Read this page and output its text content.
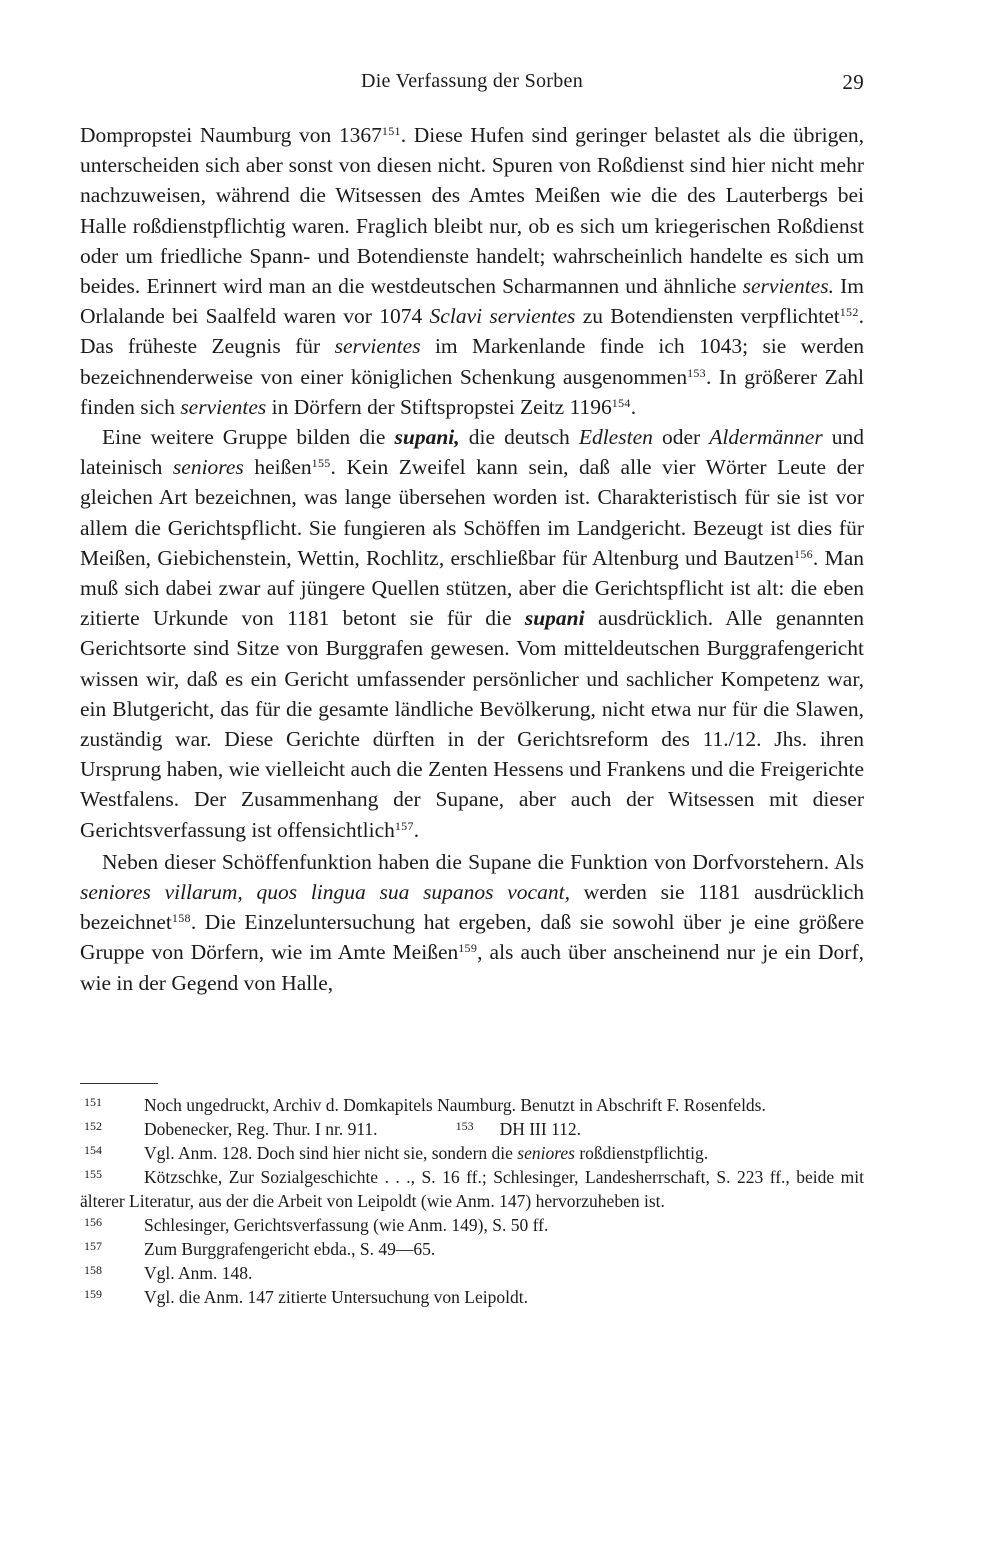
Die Verfassung der Sorben	29

Dompropstei Naumburg von 1367$^{151}$. Diese Hufen sind geringer belastet als die übrigen, unterscheiden sich aber sonst von diesen nicht. Spuren von Roßdienst sind hier nicht mehr nachzuweisen, während die Witsessen des Amtes Meißen wie die des Lauterbergs bei Halle roßdienstpflichtig waren. Fraglich bleibt nur, ob es sich um kriegerischen Roßdienst oder um friedliche Spann- und Botendienste handelt; wahrscheinlich handelte es sich um beides. Erinnert wird man an die westdeutschen Scharmannen und ähnliche servientes. Im Orlalande bei Saalfeld waren vor 1074 Sclavi servientes zu Botendiensten verpflichtet$^{152}$. Das früheste Zeugnis für servientes im Markenlande finde ich 1043; sie werden bezeichnenderweise von einer königlichen Schenkung ausgenommen$^{153}$. In größerer Zahl finden sich servientes in Dörfern der Stiftspropstei Zeitz 1196$^{154}$.

Eine weitere Gruppe bilden die supani, die deutsch Edlesten oder Aldermänner und lateinisch seniores heißen$^{155}$. Kein Zweifel kann sein, daß alle vier Wörter Leute der gleichen Art bezeichnen, was lange übersehen worden ist. Charakteristisch für sie ist vor allem die Gerichtspflicht. Sie fungieren als Schöffen im Landgericht. Bezeugt ist dies für Meißen, Giebichenstein, Wettin, Rochlitz, erschließbar für Altenburg und Bautzen$^{156}$. Man muß sich dabei zwar auf jüngere Quellen stützen, aber die Gerichtspflicht ist alt: die eben zitierte Urkunde von 1181 betont sie für die supani ausdrücklich. Alle genannten Gerichtsorte sind Sitze von Burggrafen gewesen. Vom mitteldeutschen Burggrafengericht wissen wir, daß es ein Gericht umfassender persönlicher und sachlicher Kompetenz war, ein Blutgericht, das für die gesamte ländliche Bevölkerung, nicht etwa nur für die Slawen, zuständig war. Diese Gerichte dürften in der Gerichtsreform des 11./12. Jhs. ihren Ursprung haben, wie vielleicht auch die Zenten Hessens und Frankens und die Freigerichte Westfalens. Der Zusammenhang der Supane, aber auch der Witsessen mit dieser Gerichtsverfassung ist offensichtlich$^{157}$.

Neben dieser Schöffenfunktion haben die Supane die Funktion von Dorfvorstehern. Als seniores villarum, quos lingua sua supanos vocant, werden sie 1181 ausdrücklich bezeichnet$^{158}$. Die Einzeluntersuchung hat ergeben, daß sie sowohl über je eine größere Gruppe von Dörfern, wie im Amte Meißen$^{159}$, als auch über anscheinend nur je ein Dorf, wie in der Gegend von Halle,

151 Noch ungedruckt, Archiv d. Domkapitels Naumburg. Benutzt in Abschrift F. Rosenfelds.

152 Dobenecker, Reg. Thur. I nr. 911.	153 DH III 112.

154 Vgl. Anm. 128. Doch sind hier nicht sie, sondern die seniores roßdienstpflichtig.

155 Kötzschke, Zur Sozialgeschichte . . ., S. 16 ff.; Schlesinger, Landesherrschaft, S. 223 ff., beide mit älterer Literatur, aus der die Arbeit von Leipoldt (wie Anm. 147) hervorzuheben ist.

156 Schlesinger, Gerichtsverfassung (wie Anm. 149), S. 50 ff.

157 Zum Burggrafengericht ebda., S. 49—65.

158 Vgl. Anm. 148.

159 Vgl. die Anm. 147 zitierte Untersuchung von Leipoldt.
